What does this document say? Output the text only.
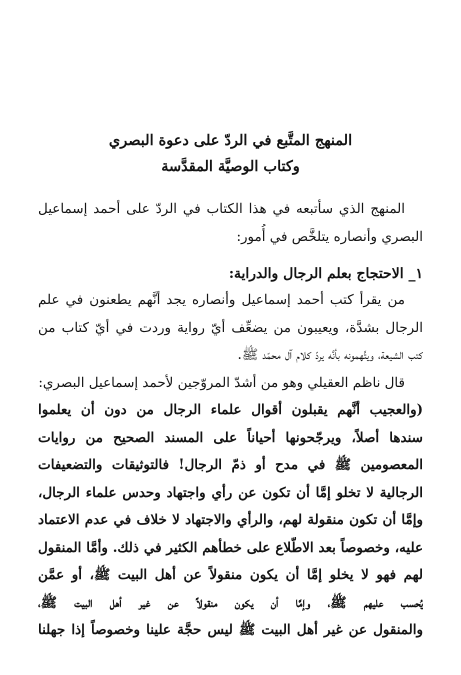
المنهج المتَّبع في الردّ على دعوة البصري
وكتاب الوصيَّة المقدَّسة
المنهج الذي سأتبعه في هذا الكتاب في الردّ على أحمد إسماعيل
البصري وأنصاره يتلخَّص في أُمور:
١_ الاحتجاج بعلم الرجال والدراية:
من يقرأ كتب أحمد إسماعيل وأنصاره يجد أنَّهم يطعنون في علم
الرجال بشدَّة، ويعيبون من يضعِّف أيّ رواية وردت في أيّ كتاب من
كتب الشيعة، ويتَّهمونه بأنَّه يردّ كلام آل محمّد ﷺ.
قال ناظم العقيلي وهو من أشدّ المروّجين لأحمد إسماعيل البصري:
(والعجيب أنَّهم يقبلون أقوال علماء الرجال من دون أن يعلموا
سندها أصلاً، ويرجّحونها أحياناً على المسند الصحيح من روايات
المعصومين ﷺ في مدح أو ذمّ الرجال! فالتوثيقات والتضعيفات
الرجالية لا تخلو إمَّا أن تكون عن رأي واجتهاد وحدس علماء الرجال،
وإمَّا أن تكون منقولة لهم، والرأي والاجتهاد لا خلاف في عدم الاعتماد
عليه، وخصوصاً بعد الاطّلاع على خطأهم الكثير في ذلك. وأمَّا المنقول
لهم فهو لا يخلو إمَّا أن يكون منقولاً عن أهل البيت ﷺ، أو عمَّن
يُحسب عليهم ﷺ، وإمَّا أن يكون منقولاً عن غير أهل البيت ﷺ،
والمنقول عن غير أهل البيت ﷺ ليس حجَّة علينا وخصوصاً إذا جهلنا
